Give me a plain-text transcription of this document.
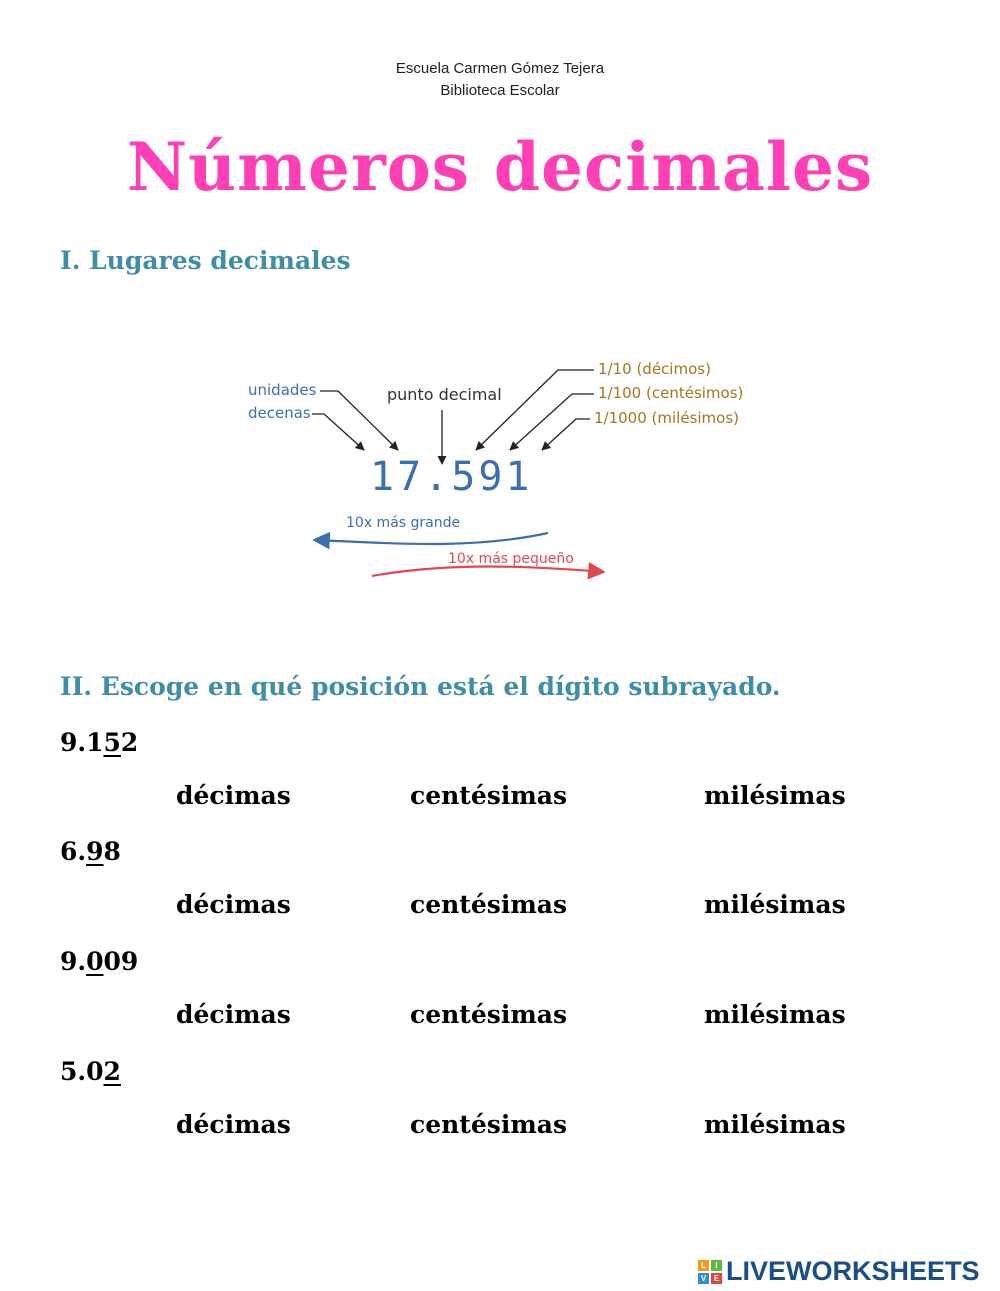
Escuela Carmen Gómez Tejera
Biblioteca Escolar
Números decimales
I. Lugares decimales
unidades
decenas
punto decimal
1/10 (décimos)
1/100 (centésimos)
1/1000 (milésimos)
17.591
10x más grande
10x más pequeño
II. Escoge en qué posición está el dígito subrayado.
9.152
décimas	centésimas	milésimas
6.98
décimas	centésimas	milésimas
9.009
décimas	centésimas	milésimas
5.02
décimas	centésimas	milésimas
L	I
V E LIVEWORKSHEETS
